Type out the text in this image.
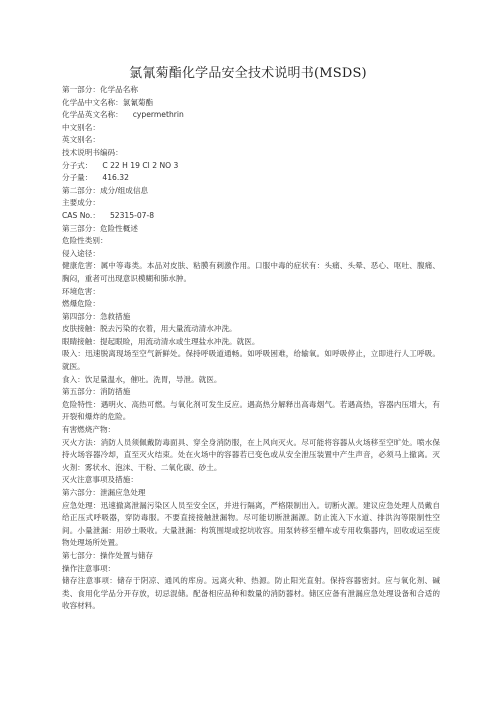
氯氰菊酯化学品安全技术说明书(MSDS)
第一部分：化学品名称
化学品中文名称：氯氰菊酯
化学品英文名称： cypermethrin
中文别名：
英文别名：
技术说明书编码：
分子式： C 22 H 19 Cl 2 NO 3
分子量： 416.32
第二部分：成分/组成信息
主要成分：
CAS No.： 52315-07-8
第三部分：危险性概述
危险性类别：
侵入途径：
健康危害：属中等毒类。本品对皮肤、粘膜有刺激作用。口服中毒的症状有：头痛、头晕、恶心、呕吐、腹痛、胸闷，重者可出现意识模糊和肺水肿。
环境危害：
燃爆危险：
第四部分：急救措施
皮肤接触：脱去污染的衣着，用大量流动清水冲洗。
眼睛接触：提起眼睑，用流动清水或生理盐水冲洗。就医。
吸入：迅速脱离现场至空气新鲜处。保持呼吸道通畅。如呼吸困难，给输氧。如呼吸停止，立即进行人工呼吸。就医。
食入：饮足量温水，催吐。洗胃，导泄。就医。
第五部分：消防措施
危险特性：遇明火、高热可燃。与氧化剂可发生反应。遇高热分解释出高毒烟气。若遇高热，容器内压增大，有开裂和爆炸的危险。
有害燃烧产物：
灭火方法：消防人员须佩戴防毒面具、穿全身消防服，在上风向灭火。尽可能将容器从火场移至空旷处。喷水保持火场容器冷却，直至灭火结束。处在火场中的容器若已变色或从安全泄压装置中产生声音，必须马上撤离。灭火剂：雾状水、泡沫、干粉、二氧化碳、砂土。
灭火注意事项及措施：
第六部分：泄漏应急处理
应急处理：迅速撤离泄漏污染区人员至安全区，并进行隔离，严格限制出入。切断火源。建议应急处理人员戴自给正压式呼吸器，穿防毒服。不要直接接触泄漏物。尽可能切断泄漏源。防止流入下水道、排洪沟等限制性空间。小量泄漏：用砂土吸收。大量泄漏：构筑围堤或挖坑收容。用泵转移至槽车或专用收集器内，回收或运至废物处理场所处置。
第七部分：操作处置与储存
操作注意事项：
储存注意事项：储存于阴凉、通风的库房。远离火种、热源。防止阳光直射。保持容器密封。应与氧化剂、碱类、食用化学品分开存放，切忌混储。配备相应品种和数量的消防器材。储区应备有泄漏应急处理设备和合适的收容材料。
